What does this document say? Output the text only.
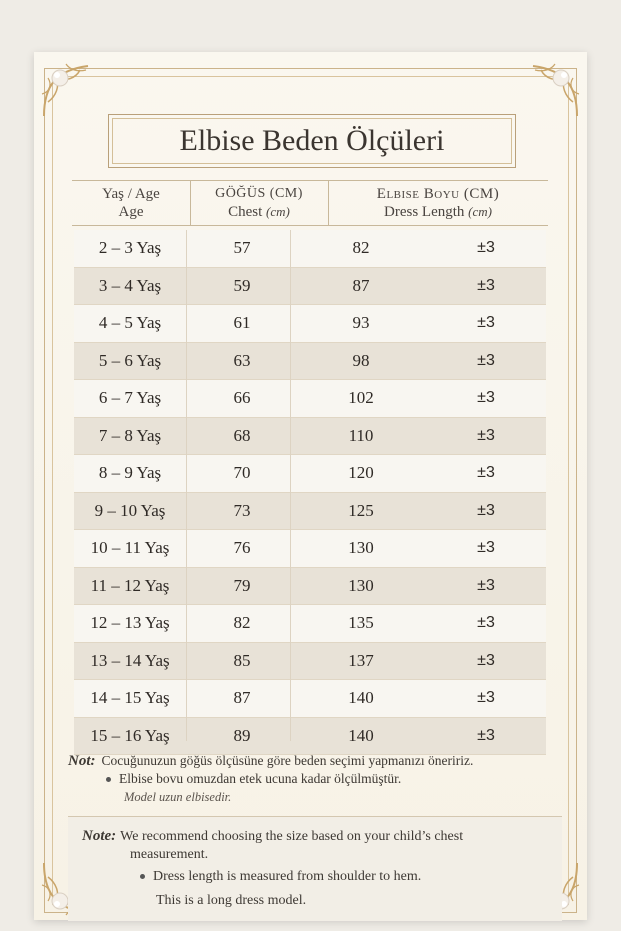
Elbise Beden Ölçüleri
Yaş / Age
Age
GÖĞÜS (CM)
Chest (cm)
Elbise Boyu (CM)
Dress Length (cm)
2 – 3 Yaş	57	82	±3
3 – 4 Yaş	59	87	±3
4 – 5 Yaş	61	93	±3
5 – 6 Yaş	63	98	±3
6 – 7 Yaş	66	102	±3
7 – 8 Yaş	68	110	±3
8 – 9 Yaş	70	120	±3
9 – 10 Yaş	73	125	±3
10 – 11 Yaş	76	130	±3
11 – 12 Yaş	79	130	±3
12 – 13 Yaş	82	135	±3
13 – 14 Yaş	85	137	±3
14 – 15 Yaş	87	140	±3
15 – 16 Yaş	89	140	±3
Not: Cocuğunuzun göğüs ölçüsüne göre beden seçimi yapmanızı öneririz.
Elbise bovu omuzdan etek ucuna kadar ölçülmüştür.
Model uzun elbisedir.
Note: We recommend choosing the size based on your child’s chest
measurement.
Dress length is measured from shoulder to hem.
This is a long dress model.
